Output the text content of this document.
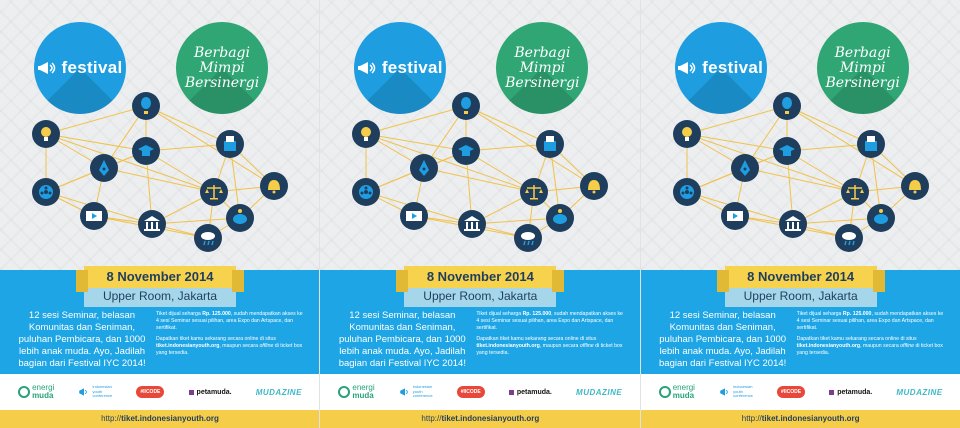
festival
Berbagi
Mimpi
Bersinergi
8 November 2014
Upper Room, Jakarta
12 sesi Seminar, belasan Komunitas dan Seniman, puluhan Pembicara, dan 1000 lebih anak muda. Ayo, Jadilah bagian dari Festival IYC 2014!

Tiket dijual seharga Rp. 125.000, sudah mendapatkan akses ke 4 sesi Seminar sesuai pilihan, area Expo dan Artspace, dan sertifikat.

Dapatkan tiket kamu sekarang secara online di situs tiket.indonesianyouth.org, maupun secara offline di ticket box yang tersedia.

energi
muda
indonesian
youth
conference
#IICODE	petamuda.	MUDAZINE
http://tiket.indonesianyouth.org
festival
Berbagi
Mimpi
Bersinergi
8 November 2014
Upper Room, Jakarta
12 sesi Seminar, belasan Komunitas dan Seniman, puluhan Pembicara, dan 1000 lebih anak muda. Ayo, Jadilah bagian dari Festival IYC 2014!

Tiket dijual seharga Rp. 125.000, sudah mendapatkan akses ke 4 sesi Seminar sesuai pilihan, area Expo dan Artspace, dan sertifikat.

Dapatkan tiket kamu sekarang secara online di situs tiket.indonesianyouth.org, maupun secara offline di ticket box yang tersedia.

energi
muda
indonesian
youth
conference
#IICODE	petamuda.	MUDAZINE
http://tiket.indonesianyouth.org
festival
Berbagi
Mimpi
Bersinergi
8 November 2014
Upper Room, Jakarta
12 sesi Seminar, belasan Komunitas dan Seniman, puluhan Pembicara, dan 1000 lebih anak muda. Ayo, Jadilah bagian dari Festival IYC 2014!

Tiket dijual seharga Rp. 125.000, sudah mendapatkan akses ke 4 sesi Seminar sesuai pilihan, area Expo dan Artspace, dan sertifikat.

Dapatkan tiket kamu sekarang secara online di situs tiket.indonesianyouth.org, maupun secara offline di ticket box yang tersedia.

energi
muda
indonesian
youth
conference
#IICODE	petamuda.	MUDAZINE
http://tiket.indonesianyouth.org
